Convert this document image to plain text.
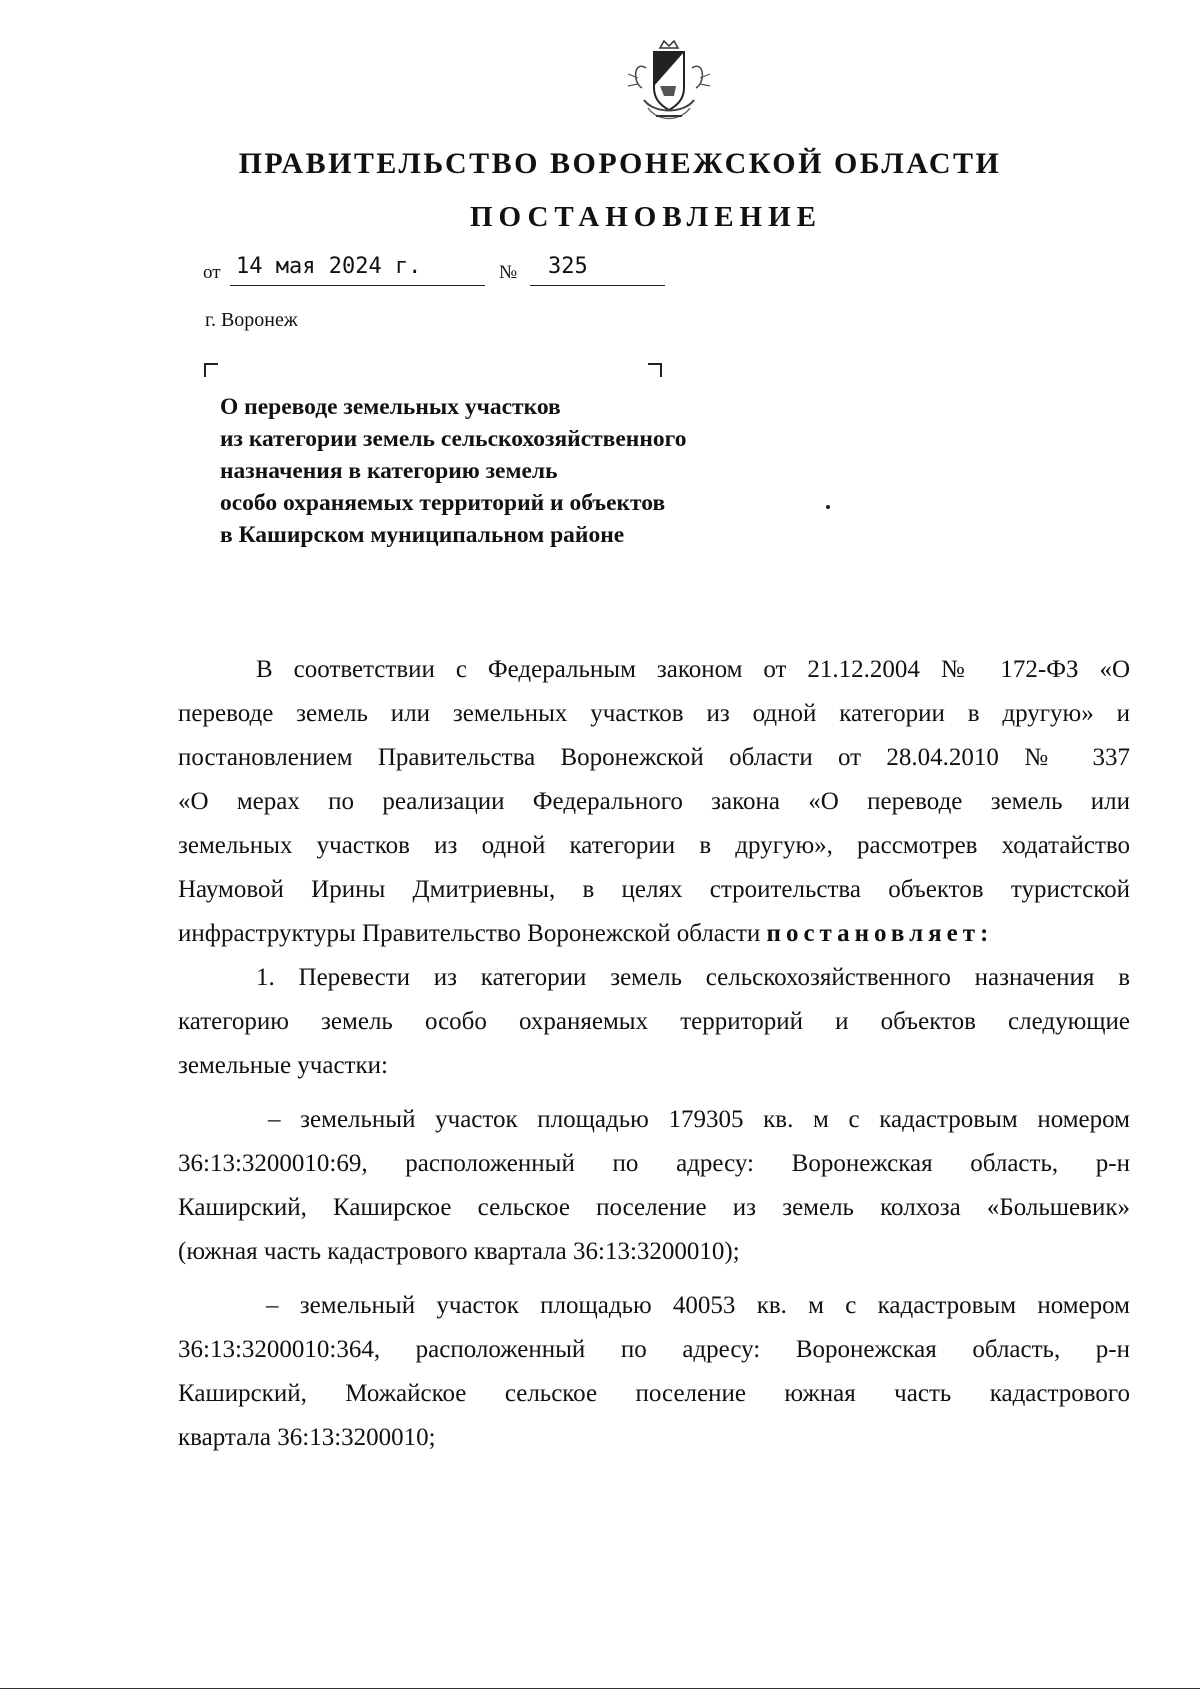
ПРАВИТЕЛЬСТВО ВОРОНЕЖСКОЙ ОБЛАСТИ
ПОСТАНОВЛЕНИЕ
от 14 мая 2024 г.	№ 325
г. Воронеж
О переводе земельных участков
из категории земель сельскохозяйственного
назначения в категорию земель
особо охраняемых территорий и объектов
в Каширском муниципальном районе
В соответствии с Федеральным законом от 21.12.2004 № 172-ФЗ «О
переводе земель или земельных участков из одной категории в другую» и
постановлением Правительства Воронежской области от 28.04.2010 № 337
«О мерах по реализации Федерального закона «О переводе земель или
земельных участков из одной категории в другую», рассмотрев ходатайство
Наумовой Ирины Дмитриевны, в целях строительства объектов туристской
инфраструктуры Правительство Воронежской области постановляет:
1. Перевести из категории земель сельскохозяйственного назначения в
категорию земель особо охраняемых территорий и объектов следующие
земельные участки:
– земельный участок площадью 179305 кв. м с кадастровым номером
36:13:3200010:69, расположенный по адресу: Воронежская область, р-н
Каширский, Каширское сельское поселение из земель колхоза «Большевик»
(южная часть кадастрового квартала 36:13:3200010);
– земельный участок площадью 40053 кв. м с кадастровым номером
36:13:3200010:364, расположенный по адресу: Воронежская область, р-н
Каширский, Можайское сельское поселение южная часть кадастрового
квартала 36:13:3200010;
